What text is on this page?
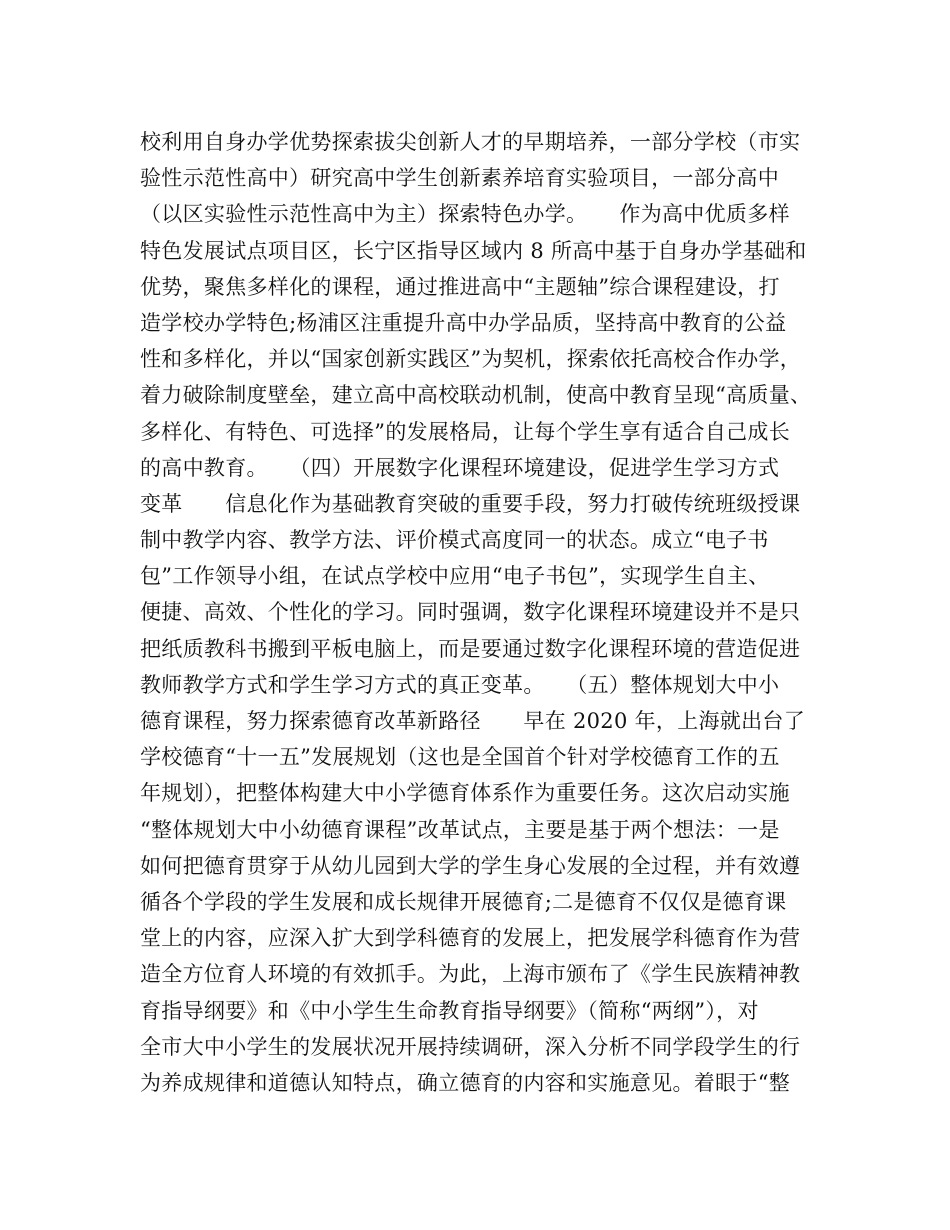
校利用自身办学优势探索拔尖创新人才的早期培养，一部分学校（市实
验性示范性高中）研究高中学生创新素养培育实验项目，一部分高中
（以区实验性示范性高中为主）探索特色办学。　　作为高中优质多样
特色发展试点项目区，长宁区指导区域内 8 所高中基于自身办学基础和
优势，聚焦多样化的课程，通过推进高中“主题轴”综合课程建设，打
造学校办学特色;杨浦区注重提升高中办学品质，坚持高中教育的公益
性和多样化，并以“国家创新实践区”为契机，探索依托高校合作办学，
着力破除制度壁垒，建立高中高校联动机制，使高中教育呈现“高质量、
多样化、有特色、可选择”的发展格局，让每个学生享有适合自己成长
的高中教育。　　（四）开展数字化课程环境建设，促进学生学习方式
变革　　信息化作为基础教育突破的重要手段，努力打破传统班级授课
制中教学内容、教学方法、评价模式高度同一的状态。成立“电子书
包”工作领导小组，在试点学校中应用“电子书包”，实现学生自主、
便捷、高效、个性化的学习。同时强调，数字化课程环境建设并不是只
把纸质教科书搬到平板电脑上，而是要通过数字化课程环境的营造促进
教师教学方式和学生学习方式的真正变革。　　（五）整体规划大中小
德育课程，努力探索德育改革新路径　　早在 2020 年，上海就出台了
学校德育“十一五”发展规划（这也是全国首个针对学校德育工作的五
年规划），把整体构建大中小学德育体系作为重要任务。这次启动实施
“整体规划大中小幼德育课程”改革试点，主要是基于两个想法：一是
如何把德育贯穿于从幼儿园到大学的学生身心发展的全过程，并有效遵
循各个学段的学生发展和成长规律开展德育;二是德育不仅仅是德育课
堂上的内容，应深入扩大到学科德育的发展上，把发展学科德育作为营
造全方位育人环境的有效抓手。为此，上海市颁布了《学生民族精神教
育指导纲要》和《中小学生生命教育指导纲要》（简称“两纲”），对
全市大中小学生的发展状况开展持续调研，深入分析不同学段学生的行
为养成规律和道德认知特点，确立德育的内容和实施意见。着眼于“整
